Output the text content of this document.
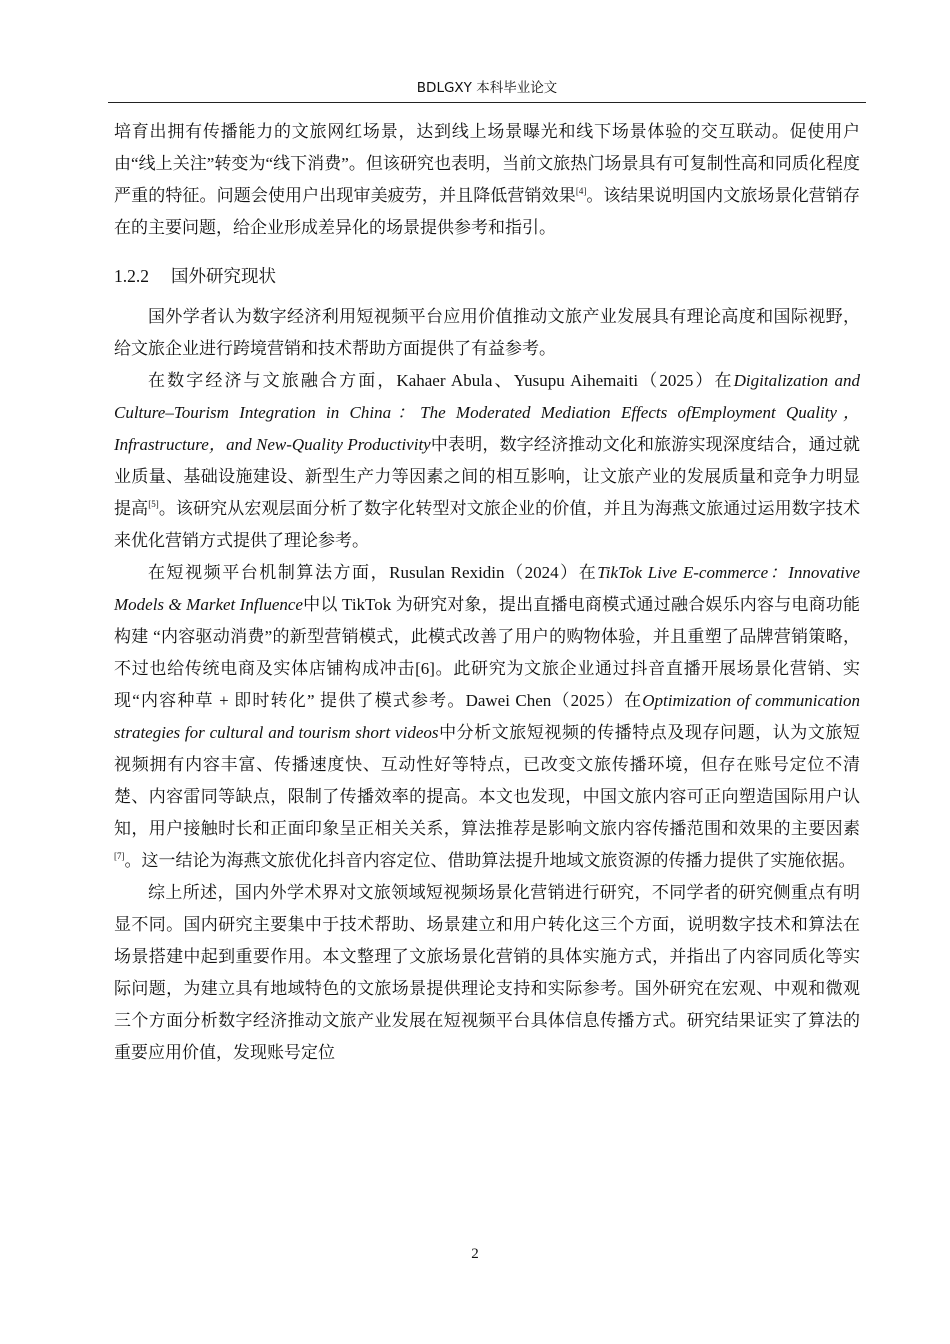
BDLGXY 本科毕业论文

培育出拥有传播能力的文旅网红场景，达到线上场景曝光和线下场景体验的交互联动。促使用户由“线上关注”转变为“线下消费”。但该研究也表明，当前文旅热门场景具有可复制性高和同质化程度严重的特征。问题会使用户出现审美疲劳，并且降低营销效果[4]。该结果说明国内文旅场景化营销存在的主要问题，给企业形成差异化的场景提供参考和指引。

1.2.2 国外研究现状

国外学者认为数字经济利用短视频平台应用价值推动文旅产业发展具有理论高度和国际视野，给文旅企业进行跨境营销和技术帮助方面提供了有益参考。

在数字经济与文旅融合方面，Kahaer Abula、Yusupu Aihemaiti（2025）在Digitalization and Culture–Tourism Integration in China：The Moderated Mediation Effects ofEmployment Quality，Infrastructure，and New-Quality Productivity中表明，数字经济推动文化和旅游实现深度结合，通过就业质量、基础设施建设、新型生产力等因素之间的相互影响，让文旅产业的发展质量和竞争力明显提高[5]。该研究从宏观层面分析了数字化转型对文旅企业的价值，并且为海燕文旅通过运用数字技术来优化营销方式提供了理论参考。

在短视频平台机制算法方面，Rusulan Rexidin（2024）在TikTok Live E-commerce：Innovative Models & Market Influence中以 TikTok 为研究对象，提出直播电商模式通过融合娱乐内容与电商功能构建 “内容驱动消费”的新型营销模式，此模式改善了用户的购物体验，并且重塑了品牌营销策略，不过也给传统电商及实体店铺构成冲击[6]。此研究为文旅企业通过抖音直播开展场景化营销、实现“内容种草 + 即时转化” 提供了模式参考。Dawei Chen（2025）在Optimization of communication strategies for cultural and tourism short videos中分析文旅短视频的传播特点及现存问题，认为文旅短视频拥有内容丰富、传播速度快、互动性好等特点，已改变文旅传播环境，但存在账号定位不清楚、内容雷同等缺点，限制了传播效率的提高。本文也发现，中国文旅内容可正向塑造国际用户认知，用户接触时长和正面印象呈正相关关系，算法推荐是影响文旅内容传播范围和效果的主要因素 [7]。这一结论为海燕文旅优化抖音内容定位、借助算法提升地域文旅资源的传播力提供了实施依据。

综上所述，国内外学术界对文旅领域短视频场景化营销进行研究，不同学者的研究侧重点有明显不同。国内研究主要集中于技术帮助、场景建立和用户转化这三个方面，说明数字技术和算法在场景搭建中起到重要作用。本文整理了文旅场景化营销的具体实施方式，并指出了内容同质化等实际问题，为建立具有地域特色的文旅场景提供理论支持和实际参考。国外研究在宏观、中观和微观三个方面分析数字经济推动文旅产业发展在短视频平台具体信息传播方式。研究结果证实了算法的重要应用价值，发现账号定位

2
